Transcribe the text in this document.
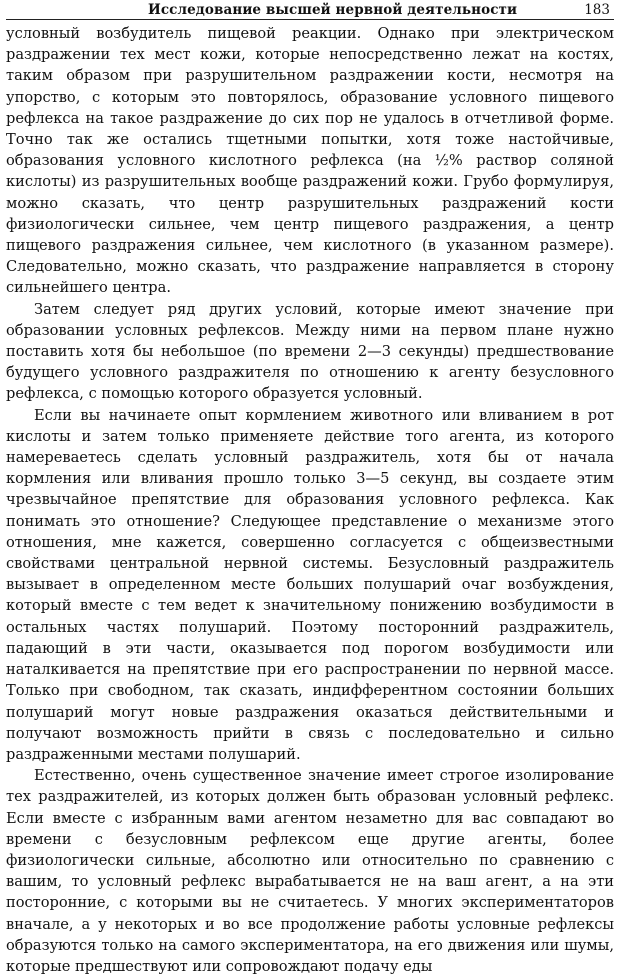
Исследование высшей нервной деятельности	183

условный возбудитель пищевой реакции. Однако при электрическом раздражении тех мест кожи, которые непосредственно лежат на костях, таким образом при разрушительном раздражении кости, несмотря на упорство, с которым это повторялось, образование условного пищевого рефлекса на такое раздражение до сих пор не удалось в отчетливой форме. Точно так же остались тщетными попытки, хотя тоже настойчивые, образования условного кислотного рефлекса (на ½% раствор соляной кислоты) из разрушительных вообще раздражений кожи. Грубо формулируя, можно сказать, что центр разрушительных раздражений кости физиологически сильнее, чем центр пищевого раздражения, а центр пищевого раздражения сильнее, чем кислотного (в указанном размере). Следовательно, можно сказать, что раздражение направляется в сторону сильнейшего центра.

Затем следует ряд других условий, которые имеют значение при образовании условных рефлексов. Между ними на первом плане нужно поставить хотя бы небольшое (по времени 2—3 секунды) предшествование будущего условного раздражителя по отношению к агенту безусловного рефлекса, с помощью которого образуется условный.

Если вы начинаете опыт кормлением животного или вливанием в рот кислоты и затем только применяете действие того агента, из которого намереваетесь сделать условный раздражитель, хотя бы от начала кормления или вливания прошло только 3—5 секунд, вы создаете этим чрезвычайное препятствие для образования условного рефлекса. Как понимать это отношение? Следующее представление о механизме этого отношения, мне кажется, совершенно согласуется с общеизвестными свойствами центральной нервной системы. Безусловный раздражитель вызывает в определенном месте больших полушарий очаг возбуждения, который вместе с тем ведет к значительному понижению возбудимости в остальных частях полушарий. Поэтому посторонний раздражитель, падающий в эти части, оказывается под порогом возбудимости или наталкивается на препятствие при его распространении по нервной массе. Только при свободном, так сказать, индифферентном состоянии больших полушарий могут новые раздражения оказаться действительными и получают возможность прийти в связь с последовательно и сильно раздраженными местами полушарий.

Естественно, очень существенное значение имеет строгое изолирование тех раздражителей, из которых должен быть образован условный рефлекс. Если вместе с избранным вами агентом незаметно для вас совпадают во времени с безусловным рефлексом еще другие агенты, более физиологически сильные, абсолютно или относительно по сравнению с вашим, то условный рефлекс вырабатывается не на ваш агент, а на эти посторонние, с которыми вы не считаетесь. У многих экспериментаторов вначале, а у некоторых и во все продолжение работы условные рефлексы образуются только на самого экспериментатора, на его движения или шумы, которые предшествуют или сопровождают подачу еды
